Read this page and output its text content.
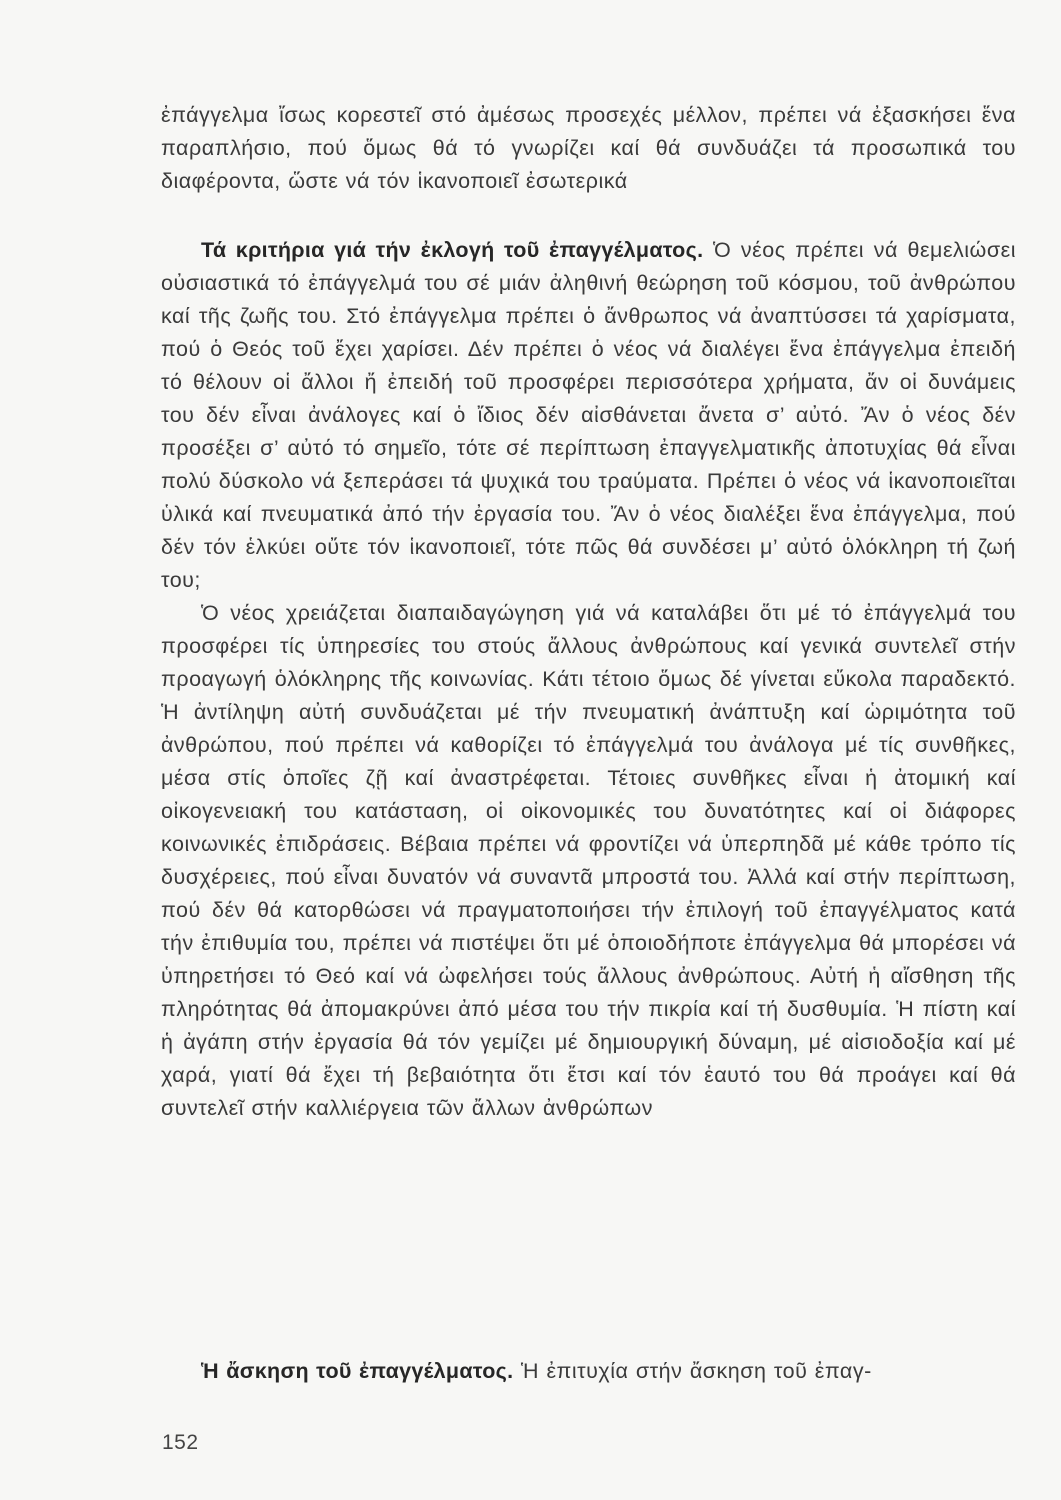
ἐπάγγελμα ἴσως κορεστεῖ στό ἀμέσως προσεχές μέλλον, πρέπει νά ἐξασκήσει ἕνα παραπλήσιο, πού ὅμως θά τό γνωρίζει καί θά συνδυάζει τά προσωπικά του διαφέροντα, ὥστε νά τόν ἱκανοποιεῖ ἐσωτερικά

Τά κριτήρια γιά τήν ἐκλογή τοῦ ἐπαγγέλματος. Ὁ νέος πρέπει νά θεμελιώσει οὐσιαστικά τό ἐπάγγελμά του σέ μιάν ἀληθινή θεώρηση τοῦ κόσμου, τοῦ ἀνθρώπου καί τῆς ζωῆς του. Στό ἐπάγγελμα πρέπει ὁ ἄνθρωπος νά ἀναπτύσσει τά χαρίσματα, πού ὁ Θεός τοῦ ἔχει χαρίσει. Δέν πρέπει ὁ νέος νά διαλέγει ἕνα ἐπάγγελμα ἐπειδή τό θέλουν οἱ ἄλλοι ἤ ἐπειδή τοῦ προσφέρει περισσότερα χρήματα, ἄν οἱ δυνάμεις του δέν εἶναι ἀνάλογες καί ὁ ἴδιος δέν αἰσθάνεται ἄνετα σ’ αὐτό. Ἄν ὁ νέος δέν προσέξει σ’ αὐτό τό σημεῖο, τότε σέ περίπτωση ἐπαγγελματικῆς ἀποτυχίας θά εἶναι πολύ δύσκολο νά ξεπεράσει τά ψυχικά του τραύματα. Πρέπει ὁ νέος νά ἱκανοποιεῖται ὑλικά καί πνευματικά ἀπό τήν ἐργασία του. Ἄν ὁ νέος διαλέξει ἕνα ἐπάγγελμα, πού δέν τόν ἑλκύει οὔτε τόν ἱκανοποιεῖ, τότε πῶς θά συνδέσει μ’ αὐτό ὁλόκληρη τή ζωή του;

Ὁ νέος χρειάζεται διαπαιδαγώγηση γιά νά καταλάβει ὅτι μέ τό ἐπάγγελμά του προσφέρει τίς ὑπηρεσίες του στούς ἄλλους ἀνθρώπους καί γενικά συντελεῖ στήν προαγωγή ὁλόκληρης τῆς κοινωνίας. Κάτι τέτοιο ὅμως δέ γίνεται εὔκολα παραδεκτό. Ἡ ἀντίληψη αὐτή συνδυάζεται μέ τήν πνευματική ἀνάπτυξη καί ὡριμότητα τοῦ ἀνθρώπου, πού πρέπει νά καθορίζει τό ἐπάγγελμά του ἀνάλογα μέ τίς συνθῆκες, μέσα στίς ὁποῖες ζῇ καί ἀναστρέφεται. Τέτοιες συνθῆκες εἶναι ἡ ἀτομική καί οἰκογενειακή του κατάσταση, οἱ οἰκονομικές του δυνατότητες καί οἱ διάφορες κοινωνικές ἐπιδράσεις. Βέβαια πρέπει νά φροντίζει νά ὑπερπηδᾶ μέ κάθε τρόπο τίς δυσχέρειες, πού εἶναι δυνατόν νά συναντᾶ μπροστά του. Ἀλλά καί στήν περίπτωση, πού δέν θά κατορθώσει νά πραγματοποιήσει τήν ἐπιλογή τοῦ ἐπαγγέλματος κατά τήν ἐπιθυμία του, πρέπει νά πιστέψει ὅτι μέ ὁποιοδήποτε ἐπάγγελμα θά μπορέσει νά ὑπηρετήσει τό Θεό καί νά ὠφελήσει τούς ἄλλους ἀνθρώπους. Αὐτή ἡ αἴσθηση τῆς πληρότητας θά ἀπομακρύνει ἀπό μέσα του τήν πικρία καί τή δυσθυμία. Ἡ πίστη καί ἡ ἀγάπη στήν ἐργασία θά τόν γεμίζει μέ δημιουργική δύναμη, μέ αἰσιοδοξία καί μέ χαρά, γιατί θά ἔχει τή βεβαιότητα ὅτι ἔτσι καί τόν ἑαυτό του θά προάγει καί θά συντελεῖ στήν καλλιέργεια τῶν ἄλλων ἀνθρώπων

Ἡ ἄσκηση τοῦ ἐπαγγέλματος. Ἡ ἐπιτυχία στήν ἄσκηση τοῦ ἐπαγ-

152
